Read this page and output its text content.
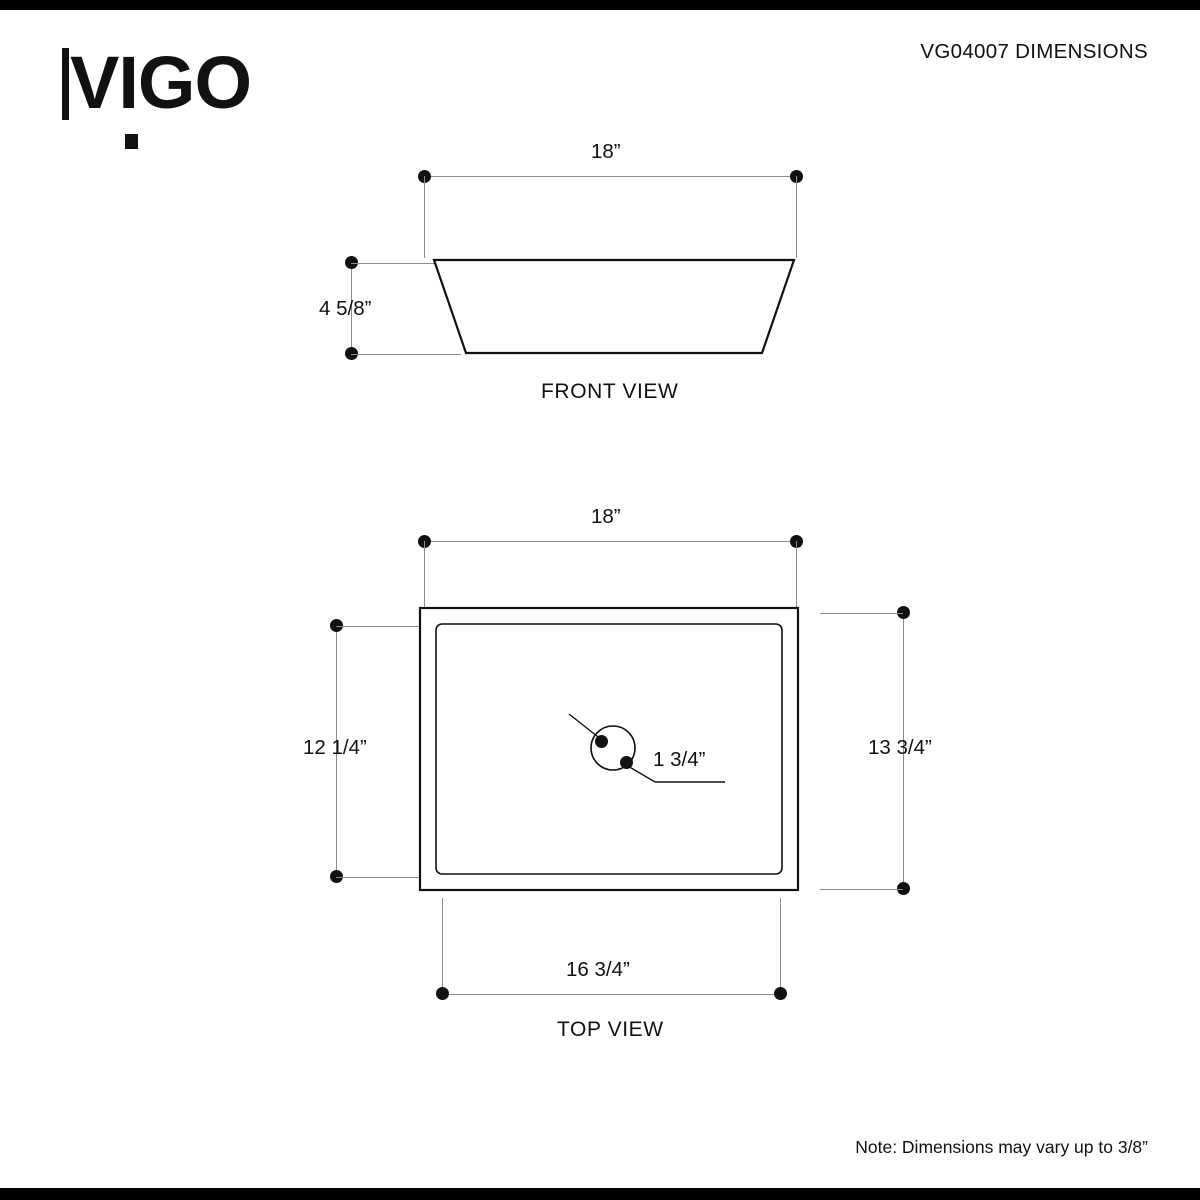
VIGO	VG04007 DIMENSIONS
18”
4 5/8”
FRONT VIEW
18”
12 1/4”	13 3/4”
1 3/4”
16 3/4”
TOP VIEW
Note: Dimensions may vary up to 3/8”
